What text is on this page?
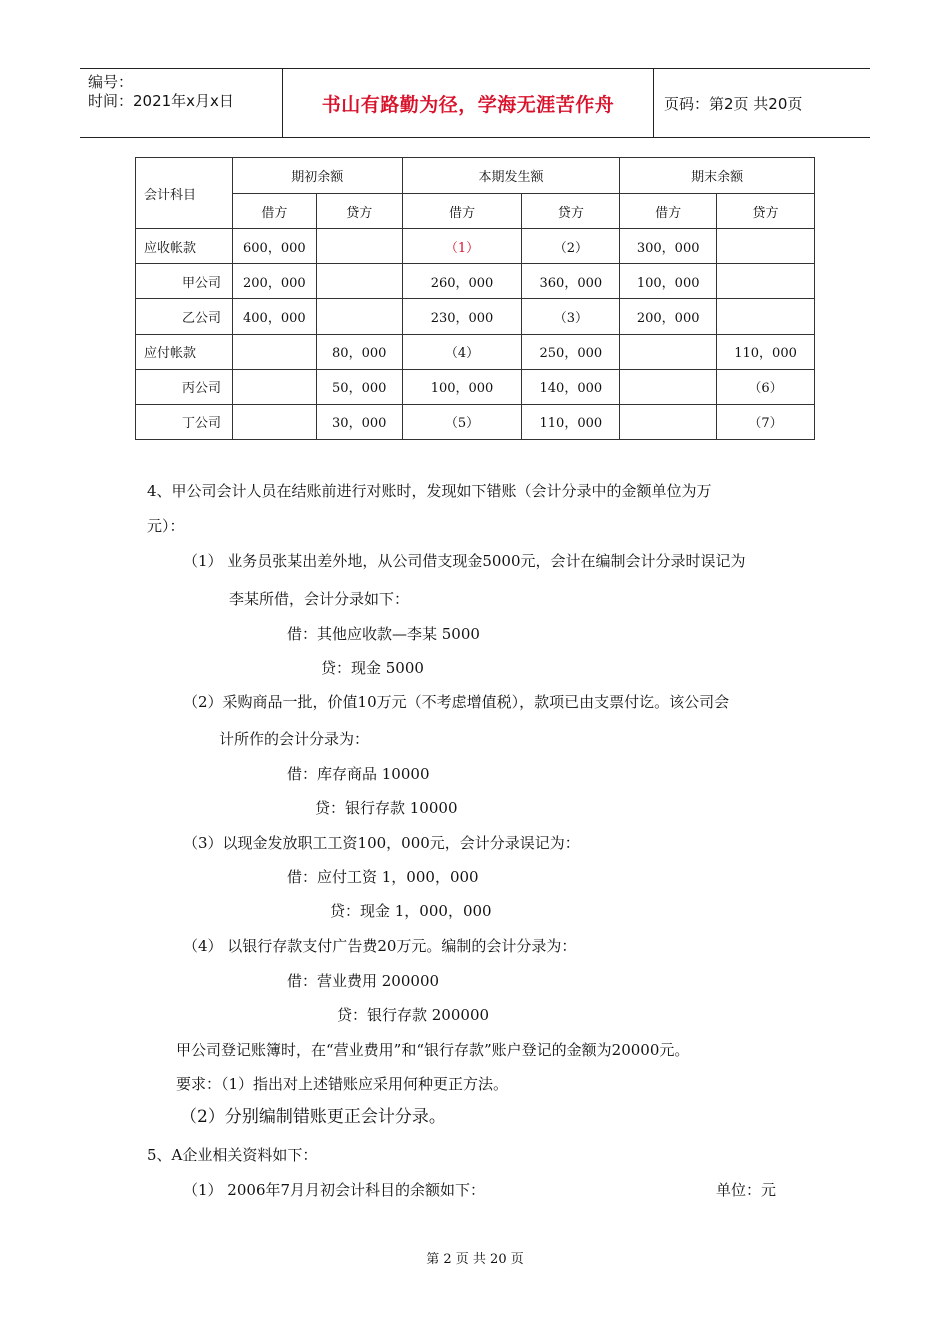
编号：
时间：2021年x月x日	书山有路勤为径，学海无涯苦作舟	页码：第2页 共20页
会计科目	期初余额		本期发生额		期末余额	
	借方	贷方	借方	贷方	借方	贷方
应收帐款	600，000		（1）	（2）	300，000	
甲公司	200，000		260，000	360，000	100，000	
乙公司	400，000		230，000	（3）	200，000	
应付帐款		80，000	（4）	250，000		110，000
丙公司		50，000	100，000	140，000		（6）
丁公司		30，000	（5）	110，000		（7）
4、甲公司会计人员在结账前进行对账时，发现如下错账（会计分录中的金额单位为万
元）：
（1） 业务员张某出差外地，从公司借支现金5000元，会计在编制会计分录时误记为
李某所借，会计分录如下：
借：其他应收款—李某 5000
贷：现金 5000
（2）采购商品一批，价值10万元（不考虑增值税），款项已由支票付讫。该公司会
计所作的会计分录为：
借：库存商品 10000
贷：银行存款 10000
（3）以现金发放职工工资100，000元，会计分录误记为：
借：应付工资 1，000，000
贷：现金 1，000，000
（4） 以银行存款支付广告费20万元。编制的会计分录为：
借：营业费用 200000
贷：银行存款 200000
甲公司登记账簿时，在“营业费用”和“银行存款”账户登记的金额为20000元。
要求：（1）指出对上述错账应采用何种更正方法。
（2）分别编制错账更正会计分录。
5、A企业相关资料如下：
（1） 2006年7月月初会计科目的余额如下：	单位：元
第 2 页 共 20 页
